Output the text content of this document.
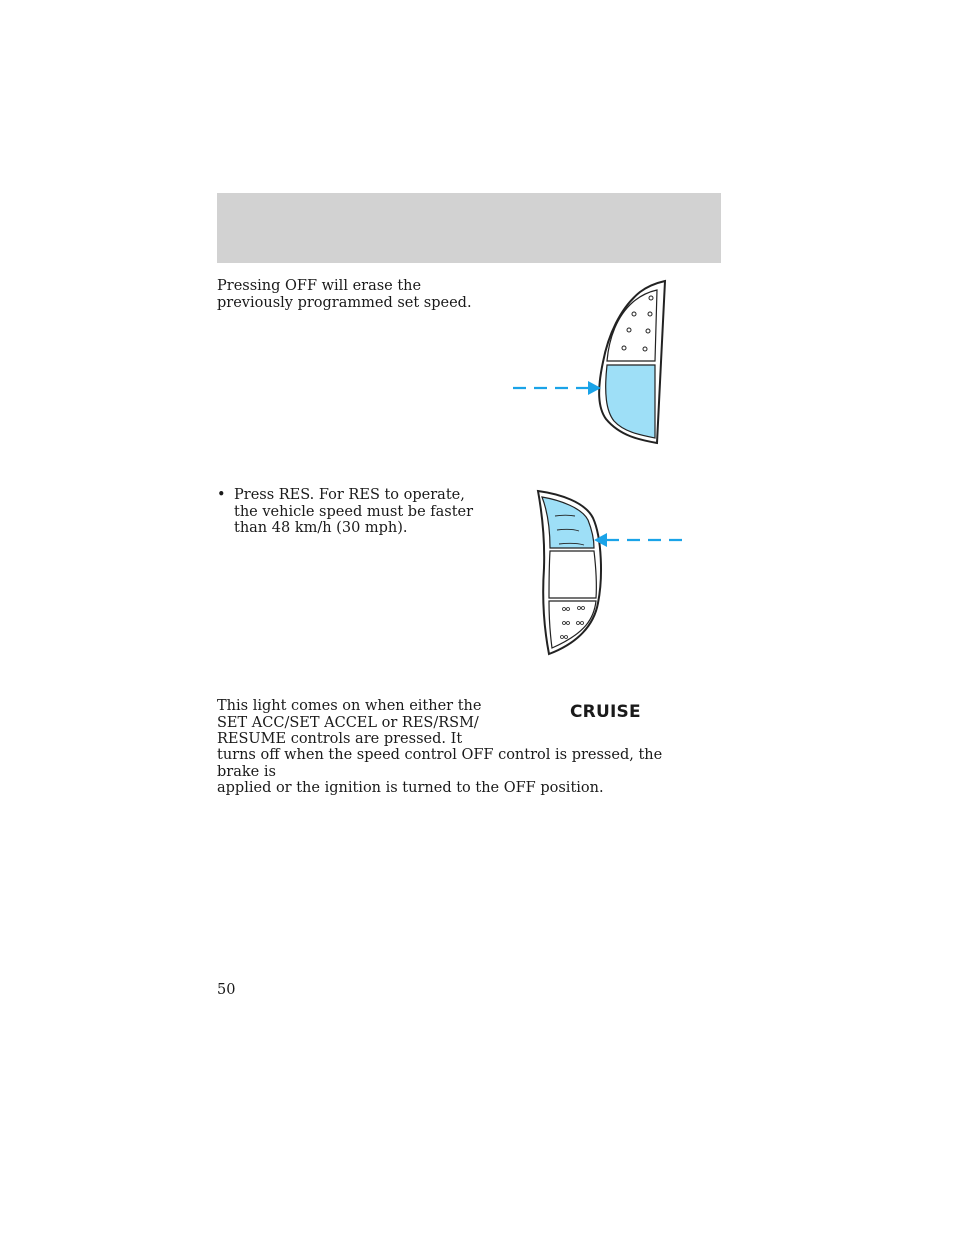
Pressing OFF will erase the
previously programmed set speed.

• Press RES. For RES to operate,
the vehicle speed must be faster
than 48 km/h (30 mph).

This light comes on when either the
SET ACC/SET ACCEL or RES/RSM/
RESUME controls are pressed. It
CRUISE
turns off when the speed control OFF control is pressed, the brake is
applied or the ignition is turned to the OFF position.
50
